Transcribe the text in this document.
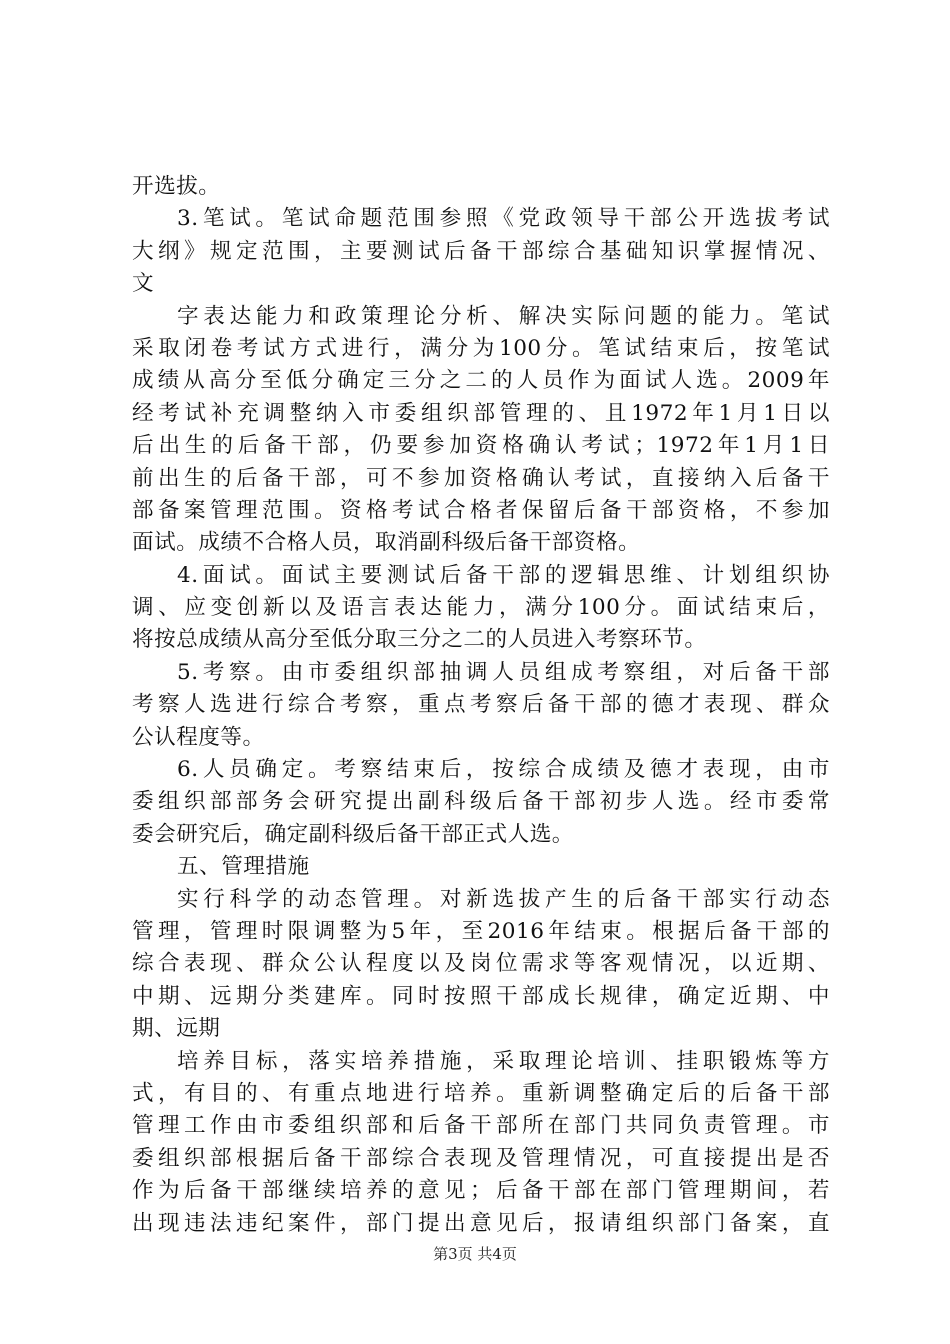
开选拔。
3.笔试。笔试命题范围参照《党政领导干部公开选拔考试
大纲》规定范围，主要测试后备干部综合基础知识掌握情况、
文
字表达能力和政策理论分析、解决实际问题的能力。笔试
采取闭卷考试方式进行，满分为100分。笔试结束后，按笔试
成绩从高分至低分确定三分之二的人员作为面试人选。2009年
经考试补充调整纳入市委组织部管理的、且1972年1月1日以
后出生的后备干部，仍要参加资格确认考试；1972年1月1日
前出生的后备干部，可不参加资格确认考试，直接纳入后备干
部备案管理范围。资格考试合格者保留后备干部资格，不参加
面试。成绩不合格人员，取消副科级后备干部资格。
4.面试。面试主要测试后备干部的逻辑思维、计划组织协
调、应变创新以及语言表达能力，满分100分。面试结束后，
将按总成绩从高分至低分取三分之二的人员进入考察环节。
5.考察。由市委组织部抽调人员组成考察组，对后备干部
考察人选进行综合考察，重点考察后备干部的德才表现、群众
公认程度等。
6.人员确定。考察结束后，按综合成绩及德才表现，由市
委组织部部务会研究提出副科级后备干部初步人选。经市委常
委会研究后，确定副科级后备干部正式人选。
五、管理措施
实行科学的动态管理。对新选拔产生的后备干部实行动态
管理，管理时限调整为5年，至2016年结束。根据后备干部的
综合表现、群众公认程度以及岗位需求等客观情况，以近期、
中期、远期分类建库。同时按照干部成长规律，确定近期、中
期、远期
培养目标，落实培养措施，采取理论培训、挂职锻炼等方
式，有目的、有重点地进行培养。重新调整确定后的后备干部
管理工作由市委组织部和后备干部所在部门共同负责管理。市
委组织部根据后备干部综合表现及管理情况，可直接提出是否
作为后备干部继续培养的意见；后备干部在部门管理期间，若
出现违法违纪案件，部门提出意见后，报请组织部门备案，直
第3页 共4页
